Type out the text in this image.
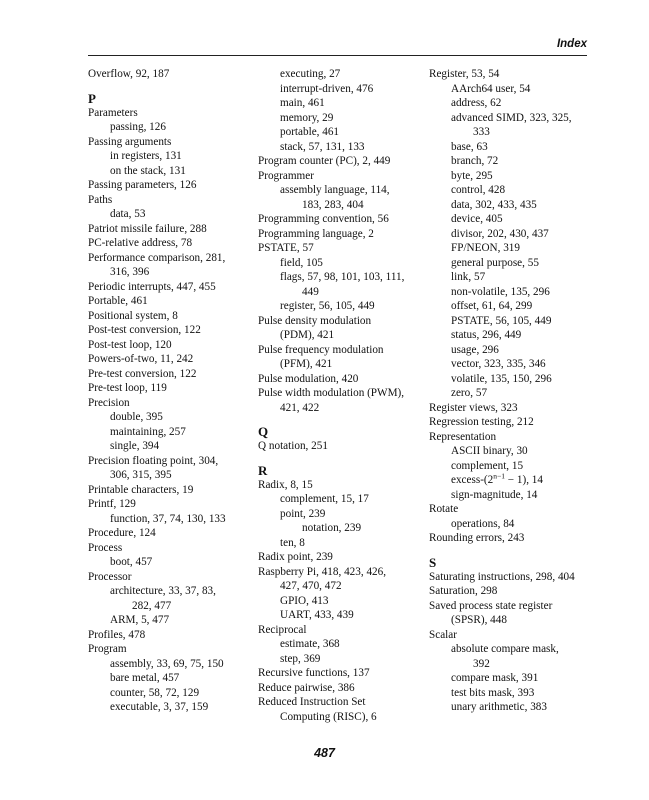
Index
Overflow, 92, 187
P
Parameters
passing, 126
Passing arguments
in registers, 131
on the stack, 131
Passing parameters, 126
Paths
data, 53
Patriot missile failure, 288
PC-relative address, 78
Performance comparison, 281,
316, 396
Periodic interrupts, 447, 455
Portable, 461
Positional system, 8
Post-test conversion, 122
Post-test loop, 120
Powers-of-two, 11, 242
Pre-test conversion, 122
Pre-test loop, 119
Precision
double, 395
maintaining, 257
single, 394
Precision floating point, 304,
306, 315, 395
Printable characters, 19
Printf, 129
function, 37, 74, 130, 133
Procedure, 124
Process
boot, 457
Processor
architecture, 33, 37, 83,
282, 477
ARM, 5, 477
Profiles, 478
Program
assembly, 33, 69, 75, 150
bare metal, 457
counter, 58, 72, 129
executable, 3, 37, 159
executing, 27
interrupt-driven, 476
main, 461
memory, 29
portable, 461
stack, 57, 131, 133
Program counter (PC), 2, 449
Programmer
assembly language, 114,
183, 283, 404
Programming convention, 56
Programming language, 2
PSTATE, 57
field, 105
flags, 57, 98, 101, 103, 111,
449
register, 56, 105, 449
Pulse density modulation
(PDM), 421
Pulse frequency modulation
(PFM), 421
Pulse modulation, 420
Pulse width modulation (PWM),
421, 422
Q
Q notation, 251
R
Radix, 8, 15
complement, 15, 17
point, 239
notation, 239
ten, 8
Radix point, 239
Raspberry Pi, 418, 423, 426,
427, 470, 472
GPIO, 413
UART, 433, 439
Reciprocal
estimate, 368
step, 369
Recursive functions, 137
Reduce pairwise, 386
Reduced Instruction Set
Computing (RISC), 6
Register, 53, 54
AArch64 user, 54
address, 62
advanced SIMD, 323, 325,
333
base, 63
branch, 72
byte, 295
control, 428
data, 302, 433, 435
device, 405
divisor, 202, 430, 437
FP/NEON, 319
general purpose, 55
link, 57
non-volatile, 135, 296
offset, 61, 64, 299
PSTATE, 56, 105, 449
status, 296, 449
usage, 296
vector, 323, 335, 346
volatile, 135, 150, 296
zero, 57
Register views, 323
Regression testing, 212
Representation
ASCII binary, 30
complement, 15
excess-$(2^{n-1} - 1)$, 14
sign-magnitude, 14
Rotate
operations, 84
Rounding errors, 243
S
Saturating instructions, 298, 404
Saturation, 298
Saved process state register
(SPSR), 448
Scalar
absolute compare mask,
392
compare mask, 391
test bits mask, 393
unary arithmetic, 383
487
